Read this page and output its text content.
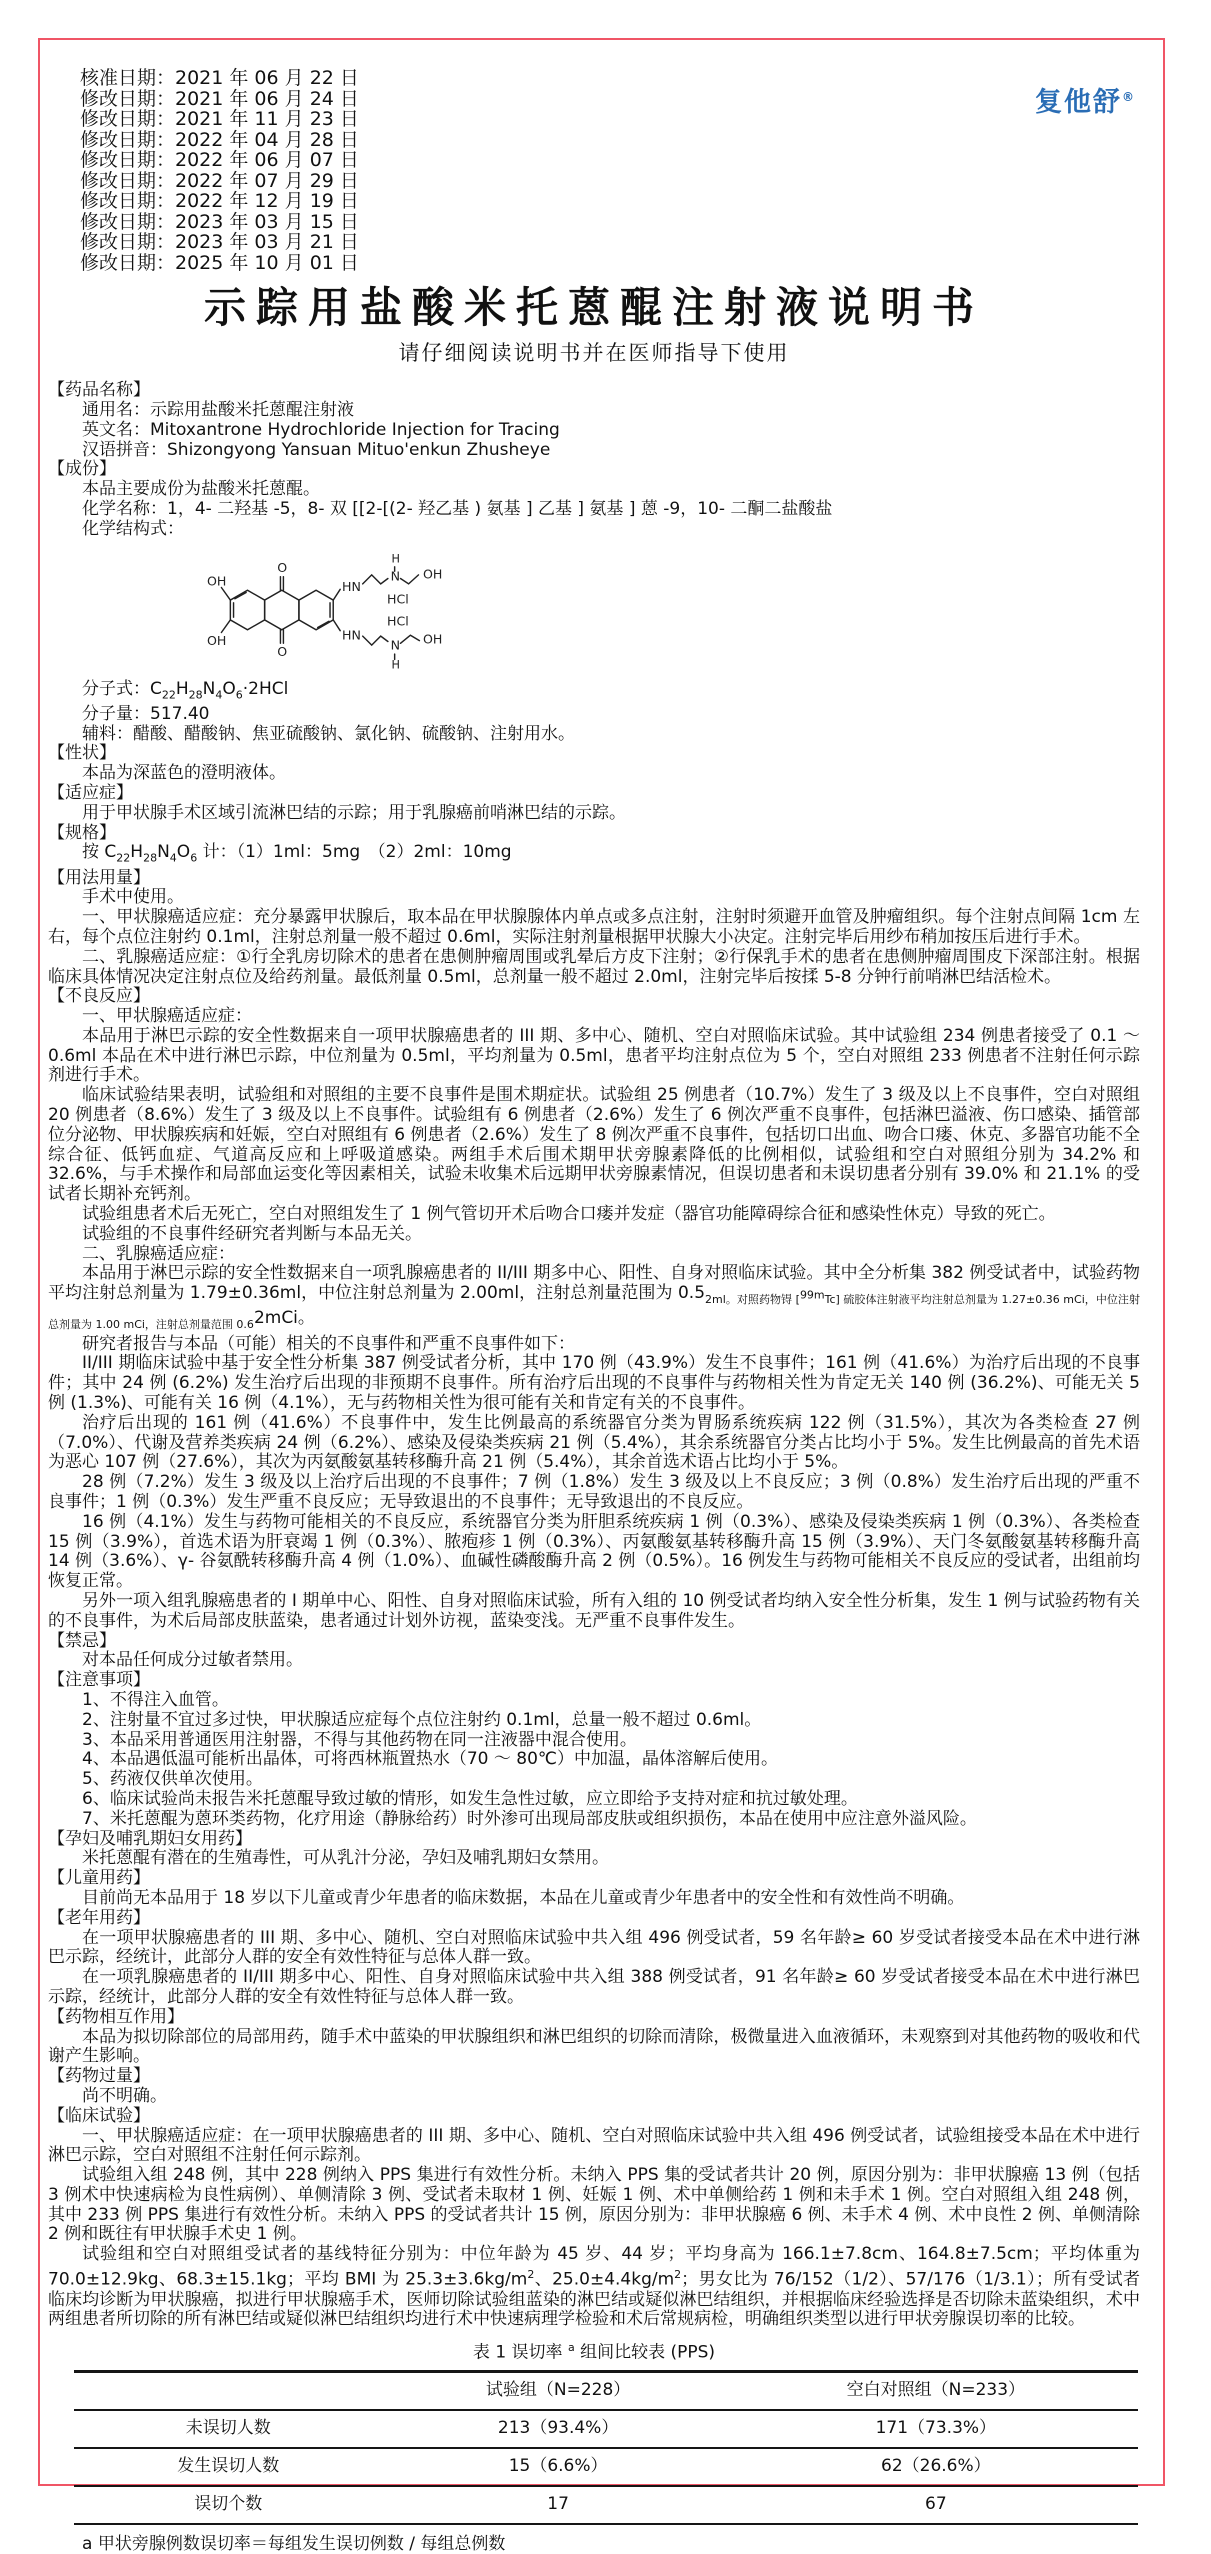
复他舒®
核准日期：2021 年 06 月 22 日
修改日期：2021 年 06 月 24 日
修改日期：2021 年 11 月 23 日
修改日期：2022 年 04 月 28 日
修改日期：2022 年 06 月 07 日
修改日期：2022 年 07 月 29 日
修改日期：2022 年 12 月 19 日
修改日期：2023 年 03 月 15 日
修改日期：2023 年 03 月 21 日
修改日期：2025 年 10 月 01 日
示踪用盐酸米托蒽醌注射液说明书
请仔细阅读说明书并在医师指导下使用
【药品名称】
通用名：示踪用盐酸米托蒽醌注射液
英文名：Mitoxantrone Hydrochloride Injection for Tracing
汉语拼音：Shizongyong Yansuan Mituo'enkun Zhusheye
【成份】
本品主要成份为盐酸米托蒽醌。
化学名称：1，4- 二羟基 -5，8- 双 [[2-[(2- 羟乙基 ) 氨基 ] 乙基 ] 氨基 ] 蒽 -9，10- 二酮二盐酸盐
化学结构式：
OH
OH
O
O
HN
N
H
OH
HCl
HN
N
H
OH
HCl
分子式：$C_{22}H_{28}N_4O_6\cdot 2HCl$
分子量：517.40
辅料：醋酸、醋酸钠、焦亚硫酸钠、氯化钠、硫酸钠、注射用水。
【性状】
本品为深蓝色的澄明液体。
【适应症】
用于甲状腺手术区域引流淋巴结的示踪；用于乳腺癌前哨淋巴结的示踪。
【规格】
按 $C_{22}H_{28}N_4O_6$ 计：（1）1ml：5mg　（2）2ml：10mg
【用法用量】
手术中使用。
一、甲状腺癌适应症：充分暴露甲状腺后，取本品在甲状腺腺体内单点或多点注射，注射时须避开血管及肿瘤组织。每个注射点间隔 1cm 左右，每个点位注射约 0.1ml，注射总剂量一般不超过 0.6ml，实际注射剂量根据甲状腺大小决定。注射完毕后用纱布稍加按压后进行手术。
二、乳腺癌适应症：①行全乳房切除术的患者在患侧肿瘤周围或乳晕后方皮下注射；②行保乳手术的患者在患侧肿瘤周围皮下深部注射。根据临床具体情况决定注射点位及给药剂量。最低剂量 0.5ml，总剂量一般不超过 2.0ml，注射完毕后按揉 5-8 分钟行前哨淋巴结活检术。
【不良反应】
一、甲状腺癌适应症：
本品用于淋巴示踪的安全性数据来自一项甲状腺癌患者的 III 期、多中心、随机、空白对照临床试验。其中试验组 234 例患者接受了 0.1 ～ 0.6ml 本品在术中进行淋巴示踪，中位剂量为 0.5ml，平均剂量为 0.5ml，患者平均注射点位为 5 个，空白对照组 233 例患者不注射任何示踪剂进行手术。
临床试验结果表明，试验组和对照组的主要不良事件是围术期症状。试验组 25 例患者（10.7%）发生了 3 级及以上不良事件，空白对照组 20 例患者（8.6%）发生了 3 级及以上不良事件。试验组有 6 例患者（2.6%）发生了 6 例次严重不良事件，包括淋巴溢液、伤口感染、插管部位分泌物、甲状腺疾病和妊娠，空白对照组有 6 例患者（2.6%）发生了 8 例次严重不良事件，包括切口出血、吻合口瘘、休克、多器官功能不全综合征、低钙血症、气道高反应和上呼吸道感染。两组手术后围术期甲状旁腺素降低的比例相似，试验组和空白对照组分别为 34.2% 和 32.6%，与手术操作和局部血运变化等因素相关，试验未收集术后远期甲状旁腺素情况，但误切患者和未误切患者分别有 39.0% 和 21.1% 的受试者长期补充钙剂。
试验组患者术后无死亡，空白对照组发生了 1 例气管切开术后吻合口瘘并发症（器官功能障碍综合征和感染性休克）导致的死亡。
试验组的不良事件经研究者判断与本品无关。
二、乳腺癌适应症：
本品用于淋巴示踪的安全性数据来自一项乳腺癌患者的 II/III 期多中心、阳性、自身对照临床试验。其中全分析集 382 例受试者中，试验药物平均注射总剂量为 1.79±0.36ml，中位注射总剂量为 2.00ml，注射总剂量范围为 $0.5_{2ml。对照药物锝 [^{99m}Tc] 硫胶体注射液平均注射总剂量为 1.27\pm 0.36 mCi,中位注射总剂量为 1.00 mCi,注射总剂量范围 0.6}2mCi$。
研究者报告与本品（可能）相关的不良事件和严重不良事件如下：
II/III 期临床试验中基于安全性分析集 387 例受试者分析，其中 170 例（43.9%）发生不良事件；161 例（41.6%）为治疗后出现的不良事件；其中 24 例 (6.2%) 发生治疗后出现的非预期不良事件。所有治疗后出现的不良事件与药物相关性为肯定无关 140 例 (36.2%)、可能无关 5 例 (1.3%)、可能有关 16 例（4.1%），无与药物相关性为很可能有关和肯定有关的不良事件。
治疗后出现的 161 例（41.6%）不良事件中，发生比例最高的系统器官分类为胃肠系统疾病 122 例（31.5%），其次为各类检查 27 例（7.0%）、代谢及营养类疾病 24 例（6.2%）、感染及侵染类疾病 21 例（5.4%），其余系统器官分类占比均小于 5%。发生比例最高的首先术语为恶心 107 例（27.6%），其次为丙氨酸氨基转移酶升高 21 例（5.4%），其余首选术语占比均小于 5%。
28 例（7.2%）发生 3 级及以上治疗后出现的不良事件；7 例（1.8%）发生 3 级及以上不良反应；3 例（0.8%）发生治疗后出现的严重不良事件；1 例（0.3%）发生严重不良反应；无导致退出的不良事件；无导致退出的不良反应。
16 例（4.1%）发生与药物可能相关的不良反应，系统器官分类为肝胆系统疾病 1 例（0.3%）、感染及侵染类疾病 1 例（0.3%）、各类检查 15 例（3.9%），首选术语为肝衰竭 1 例（0.3%）、脓疱疹 1 例（0.3%）、丙氨酸氨基转移酶升高 15 例（3.9%）、天门冬氨酸氨基转移酶升高 14 例（3.6%）、γ- 谷氨酰转移酶升高 4 例（1.0%）、血碱性磷酸酶升高 2 例（0.5%）。16 例发生与药物可能相关不良反应的受试者，出组前均恢复正常。
另外一项入组乳腺癌患者的 I 期单中心、阳性、自身对照临床试验，所有入组的 10 例受试者均纳入安全性分析集，发生 1 例与试验药物有关的不良事件，为术后局部皮肤蓝染，患者通过计划外访视，蓝染变浅。无严重不良事件发生。
【禁忌】
对本品任何成分过敏者禁用。
【注意事项】
1、不得注入血管。
2、注射量不宜过多过快，甲状腺适应症每个点位注射约 0.1ml，总量一般不超过 0.6ml。
3、本品采用普通医用注射器，不得与其他药物在同一注液器中混合使用。
4、本品遇低温可能析出晶体，可将西林瓶置热水（70 ～ 80℃）中加温，晶体溶解后使用。
5、药液仅供单次使用。
6、临床试验尚未报告米托蒽醌导致过敏的情形，如发生急性过敏，应立即给予支持对症和抗过敏处理。
7、米托蒽醌为蒽环类药物，化疗用途（静脉给药）时外渗可出现局部皮肤或组织损伤，本品在使用中应注意外溢风险。
【孕妇及哺乳期妇女用药】
米托蒽醌有潜在的生殖毒性，可从乳汁分泌，孕妇及哺乳期妇女禁用。
【儿童用药】
目前尚无本品用于 18 岁以下儿童或青少年患者的临床数据，本品在儿童或青少年患者中的安全性和有效性尚不明确。
【老年用药】
在一项甲状腺癌患者的 III 期、多中心、随机、空白对照临床试验中共入组 496 例受试者，59 名年龄≥ 60 岁受试者接受本品在术中进行淋巴示踪，经统计，此部分人群的安全有效性特征与总体人群一致。
在一项乳腺癌患者的 II/III 期多中心、阳性、自身对照临床试验中共入组 388 例受试者，91 名年龄≥ 60 岁受试者接受本品在术中进行淋巴示踪，经统计，此部分人群的安全有效性特征与总体人群一致。
【药物相互作用】
本品为拟切除部位的局部用药，随手术中蓝染的甲状腺组织和淋巴组织的切除而清除，极微量进入血液循环，未观察到对其他药物的吸收和代谢产生影响。
【药物过量】
尚不明确。
【临床试验】
一、甲状腺癌适应症：在一项甲状腺癌患者的 III 期、多中心、随机、空白对照临床试验中共入组 496 例受试者，试验组接受本品在术中进行淋巴示踪，空白对照组不注射任何示踪剂。
试验组入组 248 例，其中 228 例纳入 PPS 集进行有效性分析。未纳入 PPS 集的受试者共计 20 例，原因分别为：非甲状腺癌 13 例（包括 3 例术中快速病检为良性病例）、单侧清除 3 例、受试者未取材 1 例、妊娠 1 例、术中单侧给药 1 例和未手术 1 例。空白对照组入组 248 例，其中 233 例 PPS 集进行有效性分析。未纳入 PPS 的受试者共计 15 例，原因分别为：非甲状腺癌 6 例、未手术 4 例、术中良性 2 例、单侧清除 2 例和既往有甲状腺手术史 1 例。
试验组和空白对照组受试者的基线特征分别为：中位年龄为 45 岁、44 岁；平均身高为 166.1±7.8cm、164.8±7.5cm；平均体重为 70.0±12.9kg、68.3±15.1kg；平均 BMI 为 $25.3\pm 3.6kg/m^2$、$25.0\pm 4.4kg/m^2$；男女比为 76/152（1/2）、57/176（1/3.1）；所有受试者临床均诊断为甲状腺癌，拟进行甲状腺癌手术，医师切除试验组蓝染的淋巴结或疑似淋巴结组织，并根据临床经验选择是否切除未蓝染组织，术中两组患者所切除的所有淋巴结或疑似淋巴结组织均进行术中快速病理学检验和术后常规病检，明确组织类型以进行甲状旁腺误切率的比较。
表 1 误切率 $^a$ 组间比较表 (PPS)
	试验组（N=228）	空白对照组（N=233）
未误切人数	213（93.4%）	171（73.3%）
发生误切人数	15（6.6%）	62（26.6%）
误切个数	17	67
a 甲状旁腺例数误切率＝每组发生误切例数 / 每组总例数
